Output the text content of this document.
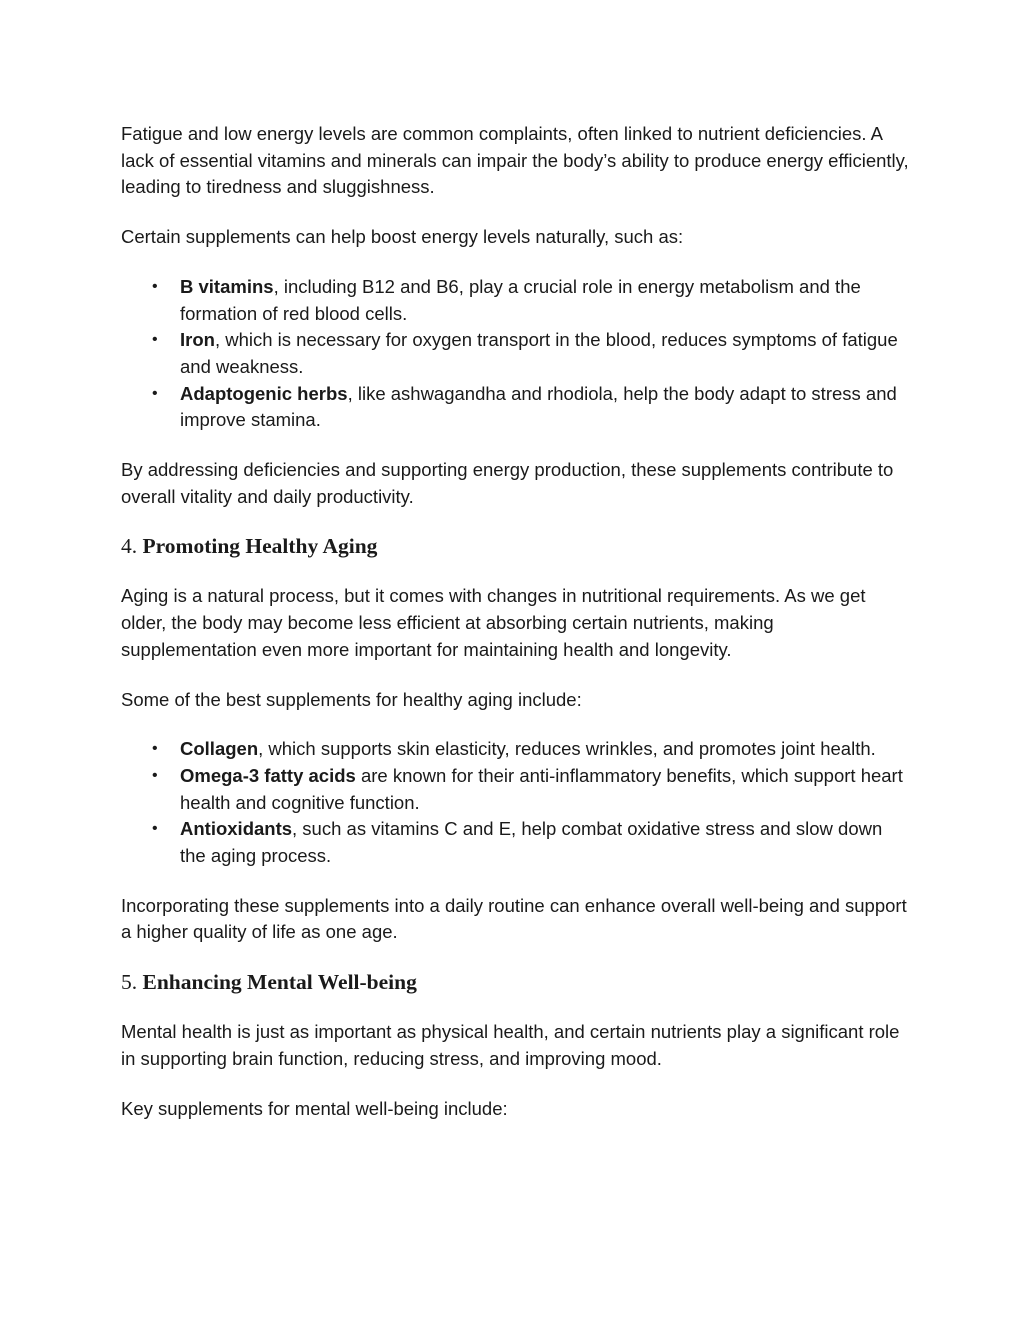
Fatigue and low energy levels are common complaints, often linked to nutrient deficiencies. A lack of essential vitamins and minerals can impair the body’s ability to produce energy efficiently, leading to tiredness and sluggishness.

Certain supplements can help boost energy levels naturally, such as:

• B vitamins, including B12 and B6, play a crucial role in energy metabolism and the formation of red blood cells.
• Iron, which is necessary for oxygen transport in the blood, reduces symptoms of fatigue and weakness.
• Adaptogenic herbs, like ashwagandha and rhodiola, help the body adapt to stress and improve stamina.

By addressing deficiencies and supporting energy production, these supplements contribute to overall vitality and daily productivity.

4. Promoting Healthy Aging

Aging is a natural process, but it comes with changes in nutritional requirements. As we get older, the body may become less efficient at absorbing certain nutrients, making supplementation even more important for maintaining health and longevity.

Some of the best supplements for healthy aging include:

• Collagen, which supports skin elasticity, reduces wrinkles, and promotes joint health.
• Omega-3 fatty acids are known for their anti-inflammatory benefits, which support heart health and cognitive function.
• Antioxidants, such as vitamins C and E, help combat oxidative stress and slow down the aging process.

Incorporating these supplements into a daily routine can enhance overall well-being and support a higher quality of life as one age.

5. Enhancing Mental Well-being

Mental health is just as important as physical health, and certain nutrients play a significant role in supporting brain function, reducing stress, and improving mood.

Key supplements for mental well-being include:
